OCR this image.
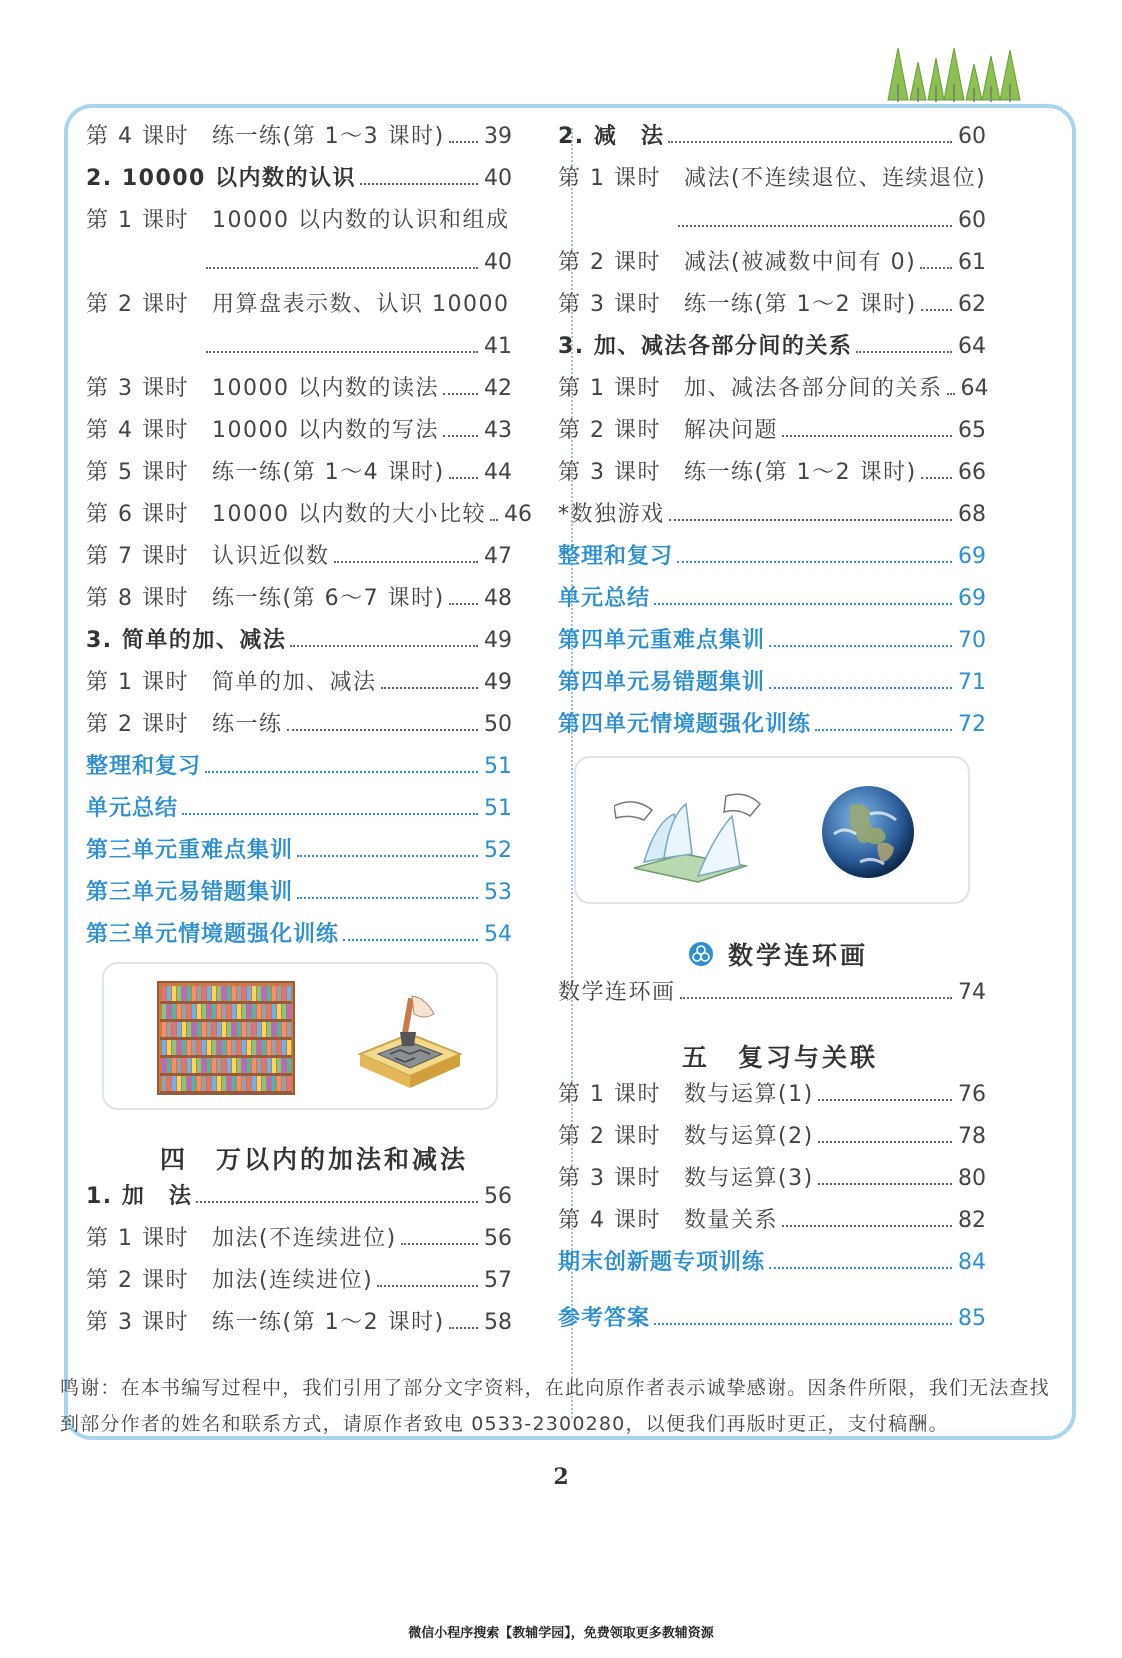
四　万以内的加法和减法
数学连环画
五　复习与关联
鸣谢：在本书编写过程中，我们引用了部分文字资料，在此向原作者表示诚挚感谢。因条件所限，我们无法查找到部分作者的姓名和联系方式，请原作者致电 0533-2300280，以便我们再版时更正，支付稿酬。
2
微信小程序搜索【教辅学园】，免费领取更多教辅资源
第 4 课时	练一练(第 1～3 课时) 39
2. 10000 以内数的认识	40
第 1 课时	10000 以内数的认识和组成
40
第 2 课时	用算盘表示数、认识 10000
41
第 3 课时	10000 以内数的读法 42
第 4 课时	10000 以内数的写法 43
第 5 课时	练一练(第 1～4 课时) 44
第 6 课时	10000 以内数的大小比较 46
第 7 课时	认识近似数	47
第 8 课时	练一练(第 6～7 课时) 48
3. 简单的加、减法	49
第 1 课时	简单的加、减法	49
第 2 课时	练一练	50
整理和复习	51
单元总结	51
第三单元重难点集训	52
第三单元易错题集训	53
第三单元情境题强化训练	54
1. 加　法	56
第 1 课时	加法(不连续进位)	56
第 2 课时	加法(连续进位)	57
第 3 课时	练一练(第 1～2 课时) 58
2. 减　法	60
第 1 课时	减法(不连续退位、连续退位)
60
第 2 课时	减法(被减数中间有 0) 61
第 3 课时	练一练(第 1～2 课时) 62
3. 加、减法各部分间的关系	64
第 1 课时	加、减法各部分间的关系 64
第 2 课时	解决问题	65
第 3 课时	练一练(第 1～2 课时) 66
*数独游戏	68
整理和复习	69
单元总结	69
第四单元重难点集训	70
第四单元易错题集训	71
第四单元情境题强化训练	72
数学连环画	74
第 1 课时	数与运算(1)	76
第 2 课时	数与运算(2)	78
第 3 课时	数与运算(3)	80
第 4 课时	数量关系	82
期末创新题专项训练	84
参考答案	85
